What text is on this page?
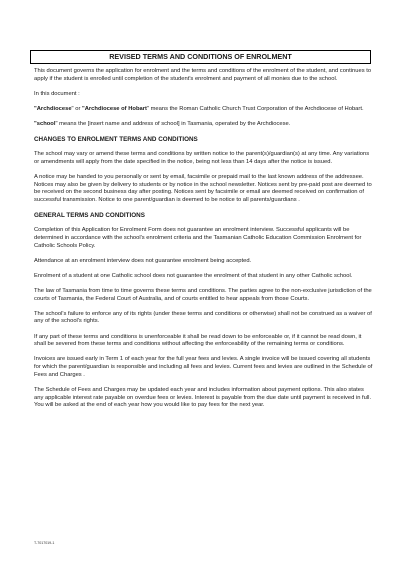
REVISED TERMS AND CONDITIONS OF ENROLMENT

This document governs the application for enrolment and the terms and conditions of the enrolment of the student, and continues to apply if the student is enrolled until completion of the student's enrolment and payment of all monies due to the school.

In this document :

"Archdiocese" or "Archdiocese of Hobart" means the Roman Catholic Church Trust Corporation of the Archdiocese of Hobart.

"school" means the [insert name and address of school] in Tasmania, operated by the Archdiocese.

CHANGES TO ENROLMENT TERMS AND CONDITIONS

The school may vary or amend these terms and conditions by written notice to the parent(s)/guardian(s) at any time. Any variations or amendments will apply from the date specified in the notice, being not less than 14 days after the notice is issued.

A notice may be handed to you personally or sent by email, facsimile or prepaid mail to the last known address of the addressee. Notices may also be given by delivery to students or by notice in the school newsletter. Notices sent by pre-paid post are deemed to be received on the second business day after posting. Notices sent by facsimile or email are deemed received on confirmation of successful transmission. Notice to one parent/guardian is deemed to be notice to all parents/guardians .

GENERAL TERMS AND CONDITIONS

Completion of this Application for Enrolment Form does not guarantee an enrolment interview. Successful applicants will be determined in accordance with the school's enrolment criteria and the Tasmanian Catholic Education Commission Enrolment for Catholic Schools Policy.

Attendance at an enrolment interview does not guarantee enrolment being accepted.

Enrolment of a student at one Catholic school does not guarantee the enrolment of that student in any other Catholic school.

The law of Tasmania from time to time governs these terms and conditions. The parties agree to the non-exclusive jurisdiction of the courts of Tasmania, the Federal Court of Australia, and of courts entitled to hear appeals from those Courts.

The school's failure to enforce any of its rights (under these terms and conditions or otherwise) shall not be construed as a waiver of any of the school's rights.

If any part of these terms and conditions is unenforceable it shall be read down to be enforceable or, if it cannot be read down, it shall be severed from these terms and conditions without affecting the enforceability of the remaining terms or conditions.

Invoices are issued early in Term 1 of each year for the full year fees and levies. A single invoice will be issued covering all students for which the parent/guardian is responsible and including all fees and levies. Current fees and levies are outlined in the Schedule of Fees and Charges .

The Schedule of Fees and Charges may be updated each year and includes information about payment options. This also states any applicable interest rate payable on overdue fees or levies. Interest is payable from the due date until payment is received in full. You will be asked at the end of each year how you would like to pay fees for the next year.

T-7017019-1
